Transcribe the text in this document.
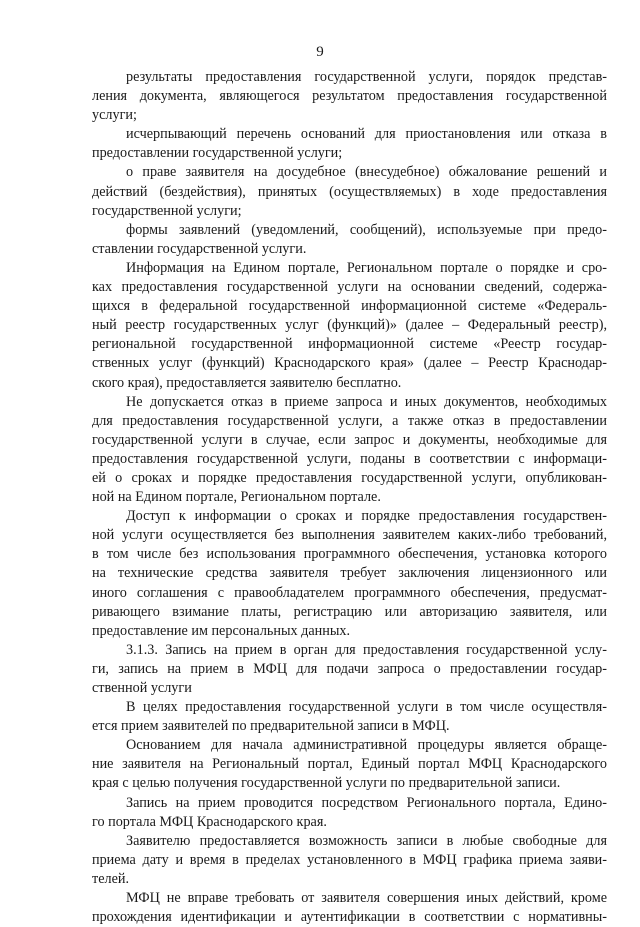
9
результаты предоставления государственной услуги, порядок представ-
ления документа, являющегося результатом предоставления государственной
услуги;
исчерпывающий перечень оснований для приостановления или отказа в
предоставлении государственной услуги;
о праве заявителя на досудебное (внесудебное) обжалование решений и
действий (бездействия), принятых (осуществляемых) в ходе предоставления
государственной услуги;
формы заявлений (уведомлений, сообщений), используемые при предо-
ставлении государственной услуги.
Информация на Едином портале, Региональном портале о порядке и сро-
ках предоставления государственной услуги на основании сведений, содержа-
щихся в федеральной государственной информационной системе «Федераль-
ный реестр государственных услуг (функций)» (далее – Федеральный реестр),
региональной государственной информационной системе «Реестр государ-
ственных услуг (функций) Краснодарского края» (далее – Реестр Краснодар-
ского края), предоставляется заявителю бесплатно.
Не допускается отказ в приеме запроса и иных документов, необходимых
для предоставления государственной услуги, а также отказ в предоставлении
государственной услуги в случае, если запрос и документы, необходимые для
предоставления государственной услуги, поданы в соответствии с информаци-
ей о сроках и порядке предоставления государственной услуги, опубликован-
ной на Едином портале, Региональном портале.
Доступ к информации о сроках и порядке предоставления государствен-
ной услуги осуществляется без выполнения заявителем каких-либо требований,
в том числе без использования программного обеспечения, установка которого
на технические средства заявителя требует заключения лицензионного или
иного соглашения с правообладателем программного обеспечения, предусмат-
ривающего взимание платы, регистрацию или авторизацию заявителя, или
предоставление им персональных данных.
3.1.3. Запись на прием в орган для предоставления государственной услу-
ги, запись на прием в МФЦ для подачи запроса о предоставлении государ-
ственной услуги
В целях предоставления государственной услуги в том числе осуществля-
ется прием заявителей по предварительной записи в МФЦ.
Основанием для начала административной процедуры является обраще-
ние заявителя на Региональный портал, Единый портал МФЦ Краснодарского
края с целью получения государственной услуги по предварительной записи.
Запись на прием проводится посредством Регионального портала, Едино-
го портала МФЦ Краснодарского края.
Заявителю предоставляется возможность записи в любые свободные для
приема дату и время в пределах установленного в МФЦ графика приема заяви-
телей.
МФЦ не вправе требовать от заявителя совершения иных действий, кроме
прохождения идентификации и аутентификации в соответствии с нормативны-
